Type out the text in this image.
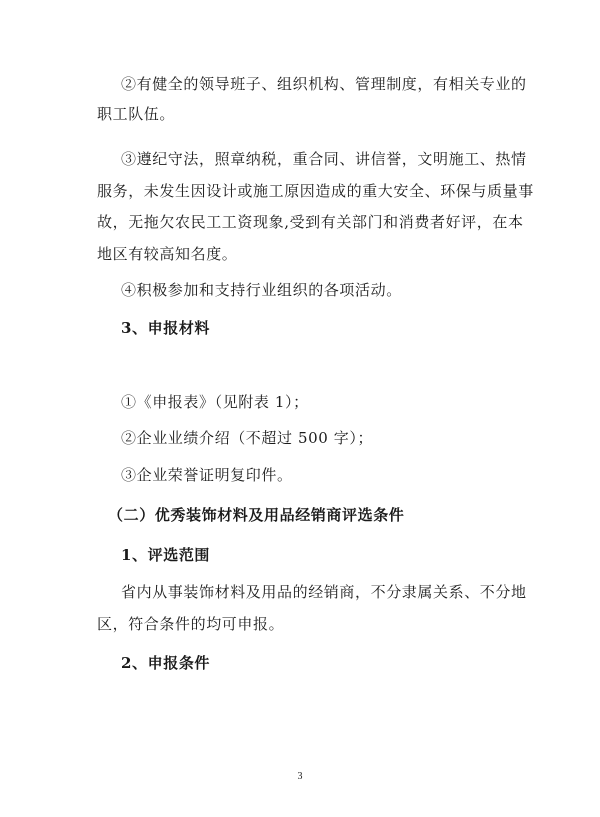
②有健全的领导班子、组织机构、管理制度，有相关专业的
职工队伍。
③遵纪守法，照章纳税，重合同、讲信誉，文明施工、热情
服务，未发生因设计或施工原因造成的重大安全、环保与质量事
故，无拖欠农民工工资现象,受到有关部门和消费者好评，在本
地区有较高知名度。
④积极参加和支持行业组织的各项活动。
3、申报材料
①《申报表》（见附表 1）；
②企业业绩介绍（不超过 500 字）；
③企业荣誉证明复印件。
（二）优秀装饰材料及用品经销商评选条件
1、评选范围
省内从事装饰材料及用品的经销商，不分隶属关系、不分地
区，符合条件的均可申报。
2、申报条件
3
